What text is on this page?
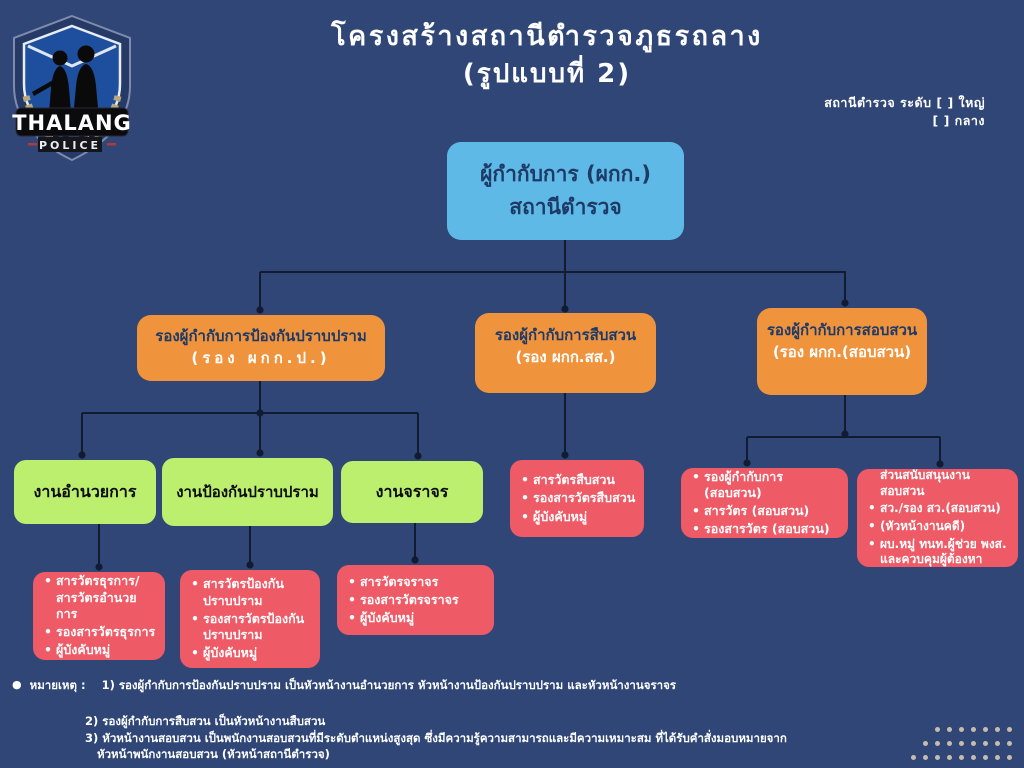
THALANG
POLICE
โครงสร้างสถานีตำรวจภูธรถลาง
(รูปแบบที่ 2)
สถานีตำรวจ ระดับ [ ] ใหญ่
[ ] กลาง
ผู้กำกับการ (ผกก.)
สถานีตำรวจ
รองผู้กำกับการป้องกันปราบปราม
(รอง ผกก.ป.)
รองผู้กำกับการสืบสวน
(รอง ผกก.สส.)
รองผู้กำกับการสอบสวน
(รอง ผกก.(สอบสวน)
งานอำนวยการ	งานป้องกันปราบปราม	งานจราจร
• สารวัตรธุรการ/สารวัตรอำนวยการ
• รองสารวัตรธุรการ
• ผู้บังคับหมู่
• สารวัตรป้องกันปราบปราม
• รองสารวัตรป้องกันปราบปราม
• ผู้บังคับหมู่
• สารวัตรจราจร
• รองสารวัตรจราจร
• ผู้บังคับหมู่
• สารวัตรสืบสวน
• รองสารวัตรสืบสวน
• ผู้บังคับหมู่
• รองผู้กำกับการ (สอบสวน)
• สารวัตร (สอบสวน)
• รองสารวัตร (สอบสวน)
ส่วนสนับสนุนงานสอบสวน
• สว./รอง สว.(สอบสวน)
• (หัวหน้างานคดี)
• ผบ.หมู่ ทนท.ผู้ช่วย พงส. และควบคุมผู้ต้องหา
● หมายเหตุ : 1) รองผู้กำกับการป้องกันปราบปราม เป็นหัวหน้างานอำนวยการ หัวหน้างานป้องกันปราบปราม และหัวหน้างานจราจร
2) รองผู้กำกับการสืบสวน เป็นหัวหน้างานสืบสวน
3) หัวหน้างานสอบสวน เป็นพนักงานสอบสวนที่มีระดับตำแหน่งสูงสุด ซึ่งมีความรู้ความสามารถและมีความเหมาะสม ที่ได้รับคำสั่งมอบหมายจาก
หัวหน้าพนักงานสอบสวน (หัวหน้าสถานีตำรวจ)
